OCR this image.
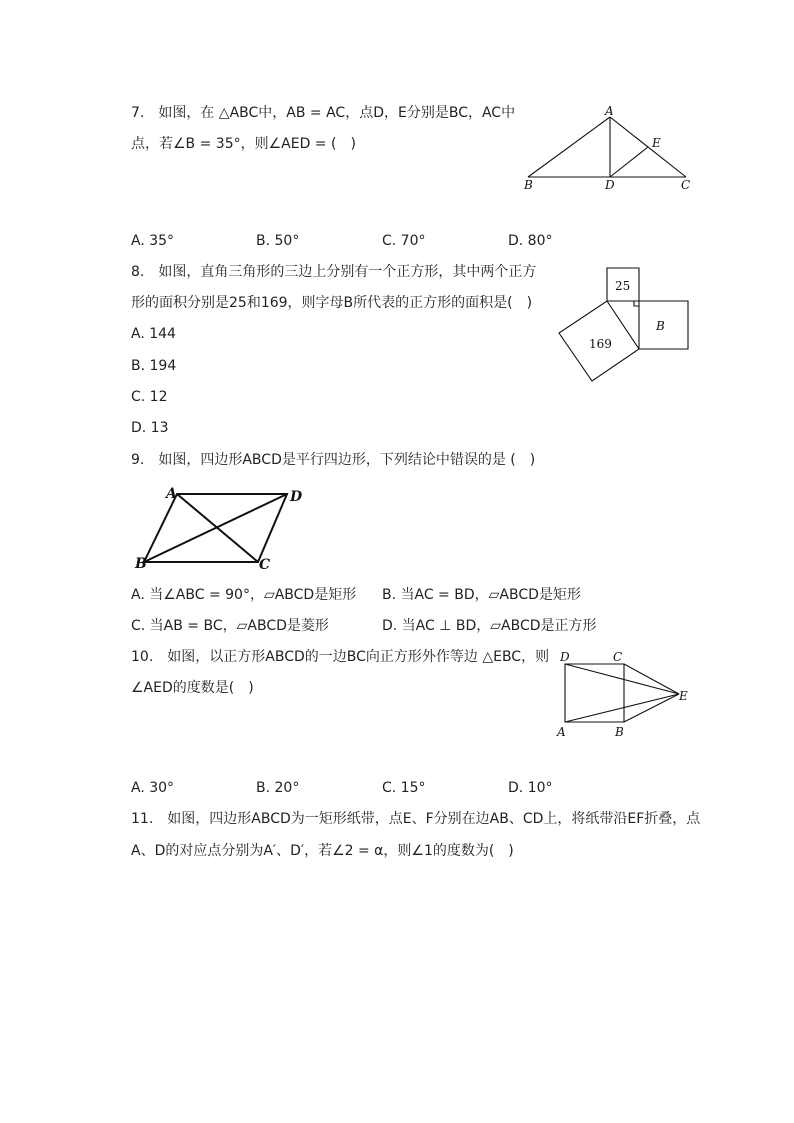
7.　如图，在 △ABC中，AB = AC，点D，E分别是BC，AC中
点，若∠B = 35°，则∠AED = (　)
A
B	C
D
E
A. 35°	B. 50°	C. 70°	D. 80°
8.　如图，直角三角形的三边上分别有一个正方形，其中两个正方
形的面积分别是25和169，则字母B所代表的正方形的面积是(　)
25
169
B
A. 144
B. 194
C. 12
D. 13
9.　如图，四边形ABCD是平行四边形，下列结论中错误的是 (　)
A
B	C
D
A. 当∠ABC = 90°，▱ABCD是矩形 B. 当AC = BD，▱ABCD是矩形
C. 当AB = BC，▱ABCD是菱形	D. 当AC ⊥ BD，▱ABCD是正方形
10.　如图，以正方形ABCD的一边BC向正方形外作等边 △EBC，则
∠AED的度数是(　)
D	C
A	B
E
A. 30°	B. 20°	C. 15°	D. 10°
11.　如图，四边形ABCD为一矩形纸带，点E、F分别在边AB、CD上，将纸带沿EF折叠，点
A、D的对应点分别为A′、D′，若∠2 = α，则∠1的度数为(　)
